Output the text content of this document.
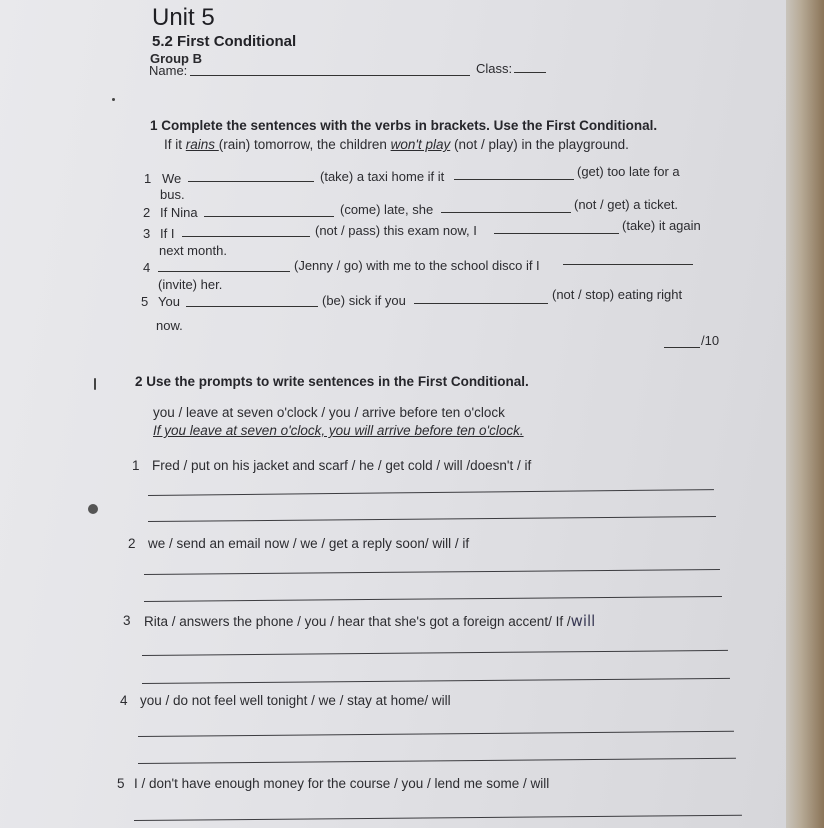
Unit 5
5.2 First Conditional
Group B
Name:	Class:
1 Complete the sentences with the verbs in brackets. Use the First Conditional.
If it rains (rain) tomorrow, the children won't play (not / play) in the playground.
1 We	(take) a taxi home if it	(get) too late for a
bus.
2 If Nina	(come) late, she	(not / get) a ticket.
3 If I	(not / pass) this exam now, I	(take) it again
next month.
4	(Jenny / go) with me to the school disco if I
(invite) her.
5 You	(be) sick if you	(not / stop) eating right
now.
/10
2 Use the prompts to write sentences in the First Conditional.
you / leave at seven o'clock / you / arrive before ten o'clock
If you leave at seven o'clock, you will arrive before ten o'clock.
1 Fred / put on his jacket and scarf / he / get cold / will /doesn't / if
2 we / send an email now / we / get a reply soon/ will / if
3 Rita / answers the phone / you / hear that she's got a foreign accent/ If /will
4 you / do not feel well tonight / we / stay at home/ will
5 I / don't have enough money for the course / you / lend me some / will
